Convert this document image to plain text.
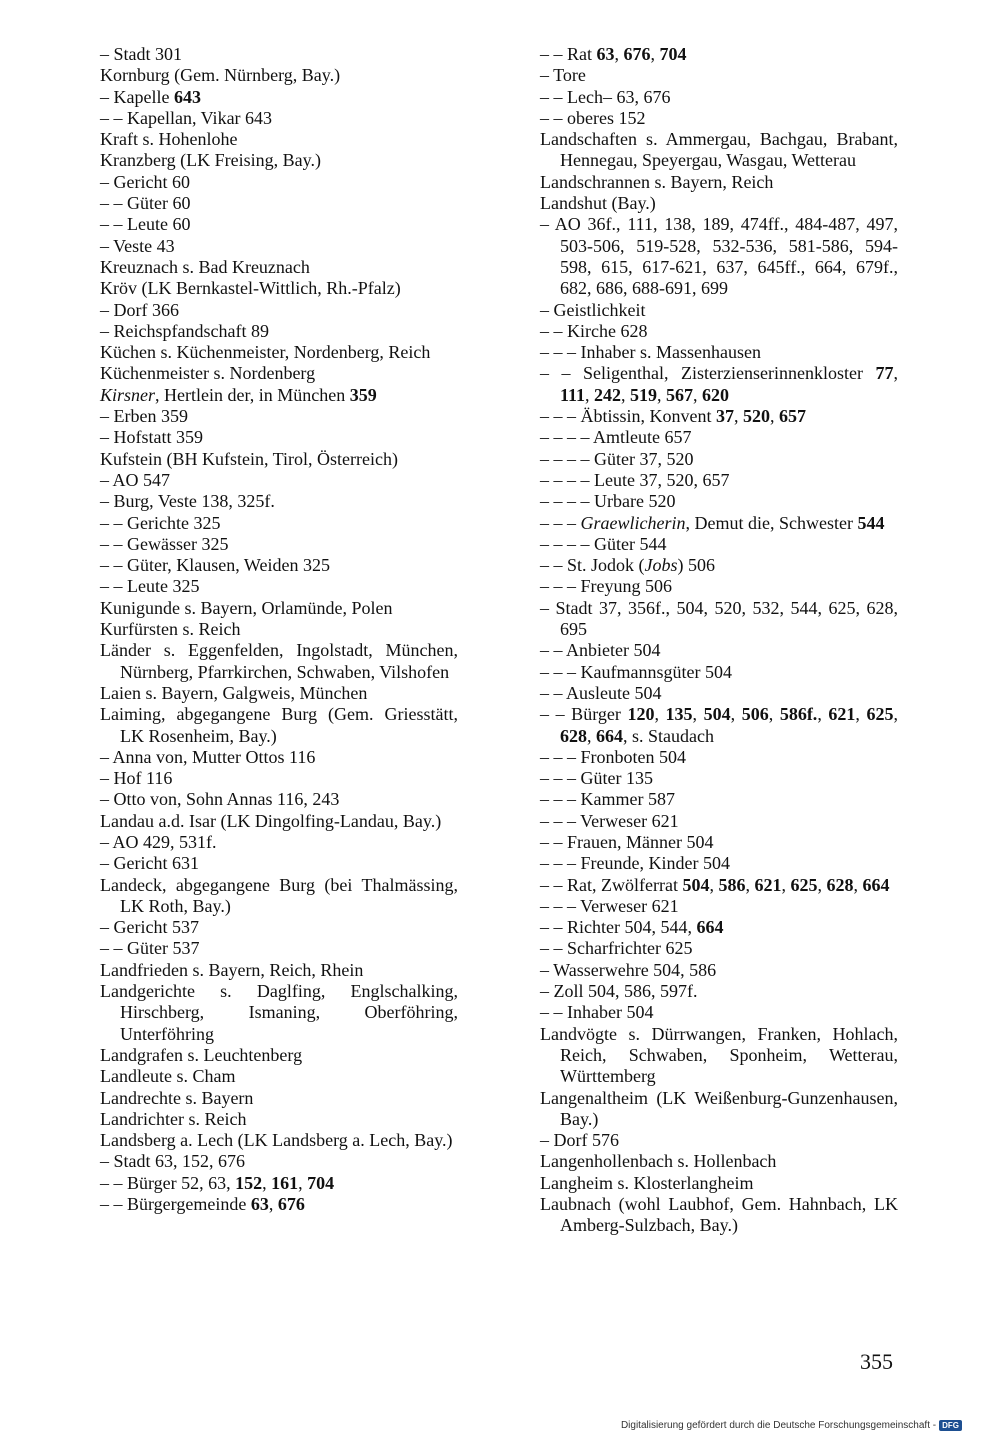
– Stadt 301

Kornburg (Gem. Nürnberg, Bay.)

– Kapelle 643

– – Kapellan, Vikar 643

Kraft s. Hohenlohe

Kranzberg (LK Freising, Bay.)

– Gericht 60

– – Güter 60

– – Leute 60

– Veste 43

Kreuznach s. Bad Kreuznach

Kröv (LK Bernkastel-Wittlich, Rh.-Pfalz)

– Dorf 366

– Reichspfandschaft 89

Küchen s. Küchenmeister, Nordenberg, Reich

Küchenmeister s. Nordenberg

Kirsner, Hertlein der, in München 359

– Erben 359

– Hofstatt 359

Kufstein (BH Kufstein, Tirol, Österreich)

– AO 547

– Burg, Veste 138, 325f.

– – Gerichte 325

– – Gewässer 325

– – Güter, Klausen, Weiden 325

– – Leute 325

Kunigunde s. Bayern, Orlamünde, Polen

Kurfürsten s. Reich

Länder s. Eggenfelden, Ingolstadt, München, Nürnberg, Pfarrkirchen, Schwaben, Vilshofen

Laien s. Bayern, Galgweis, München

Laiming, abgegangene Burg (Gem. Griesstätt, LK Rosenheim, Bay.)

– Anna von, Mutter Ottos 116

– Hof 116

– Otto von, Sohn Annas 116, 243

Landau a.d. Isar (LK Dingolfing-Landau, Bay.)

– AO 429, 531f.

– Gericht 631

Landeck, abgegangene Burg (bei Thalmässing, LK Roth, Bay.)

– Gericht 537

– – Güter 537

Landfrieden s. Bayern, Reich, Rhein

Landgerichte s. Daglfing, Englschalking, Hirschberg, Ismaning, Oberföhring, Unterföhring

Landgrafen s. Leuchtenberg

Landleute s. Cham

Landrechte s. Bayern

Landrichter s. Reich

Landsberg a. Lech (LK Landsberg a. Lech, Bay.)

– Stadt 63, 152, 676

– – Bürger 52, 63, 152, 161, 704

– – Bürgergemeinde 63, 676

– – Rat 63, 676, 704

– Tore

– – Lech– 63, 676

– – oberes 152

Landschaften s. Ammergau, Bachgau, Brabant, Hennegau, Speyergau, Wasgau, Wetterau

Landschrannen s. Bayern, Reich

Landshut (Bay.)

– AO 36f., 111, 138, 189, 474ff., 484-487, 497, 503-506, 519-528, 532-536, 581-586, 594-598, 615, 617-621, 637, 645ff., 664, 679f., 682, 686, 688-691, 699

– Geistlichkeit

– – Kirche 628

– – – Inhaber s. Massenhausen

– – Seligenthal, Zisterzienserinnenkloster 77, 111, 242, 519, 567, 620

– – – Äbtissin, Konvent 37, 520, 657

– – – – Amtleute 657

– – – – Güter 37, 520

– – – – Leute 37, 520, 657

– – – – Urbare 520

– – – Graewlicherin, Demut die, Schwester 544

– – – – Güter 544

– – St. Jodok (Jobs) 506

– – – Freyung 506

– Stadt 37, 356f., 504, 520, 532, 544, 625, 628, 695

– – Anbieter 504

– – – Kaufmannsgüter 504

– – Ausleute 504

– – Bürger 120, 135, 504, 506, 586f., 621, 625, 628, 664, s. Staudach

– – – Fronboten 504

– – – Güter 135

– – – Kammer 587

– – – Verweser 621

– – Frauen, Männer 504

– – – Freunde, Kinder 504

– – Rat, Zwölferrat 504, 586, 621, 625, 628, 664

– – – Verweser 621

– – Richter 504, 544, 664

– – Scharfrichter 625

– Wasserwehre 504, 586

– Zoll 504, 586, 597f.

– – Inhaber 504

Landvögte s. Dürrwangen, Franken, Hohlach, Reich, Schwaben, Sponheim, Wetterau, Württemberg

Langenaltheim (LK Weißenburg-Gunzenhausen, Bay.)

– Dorf 576

Langenhollenbach s. Hollenbach

Langheim s. Klosterlangheim

Laubnach (wohl Laubhof, Gem. Hahnbach, LK Amberg-Sulzbach, Bay.)

355
Digitalisierung gefördert durch die Deutsche Forschungsgemeinschaft - DFG
